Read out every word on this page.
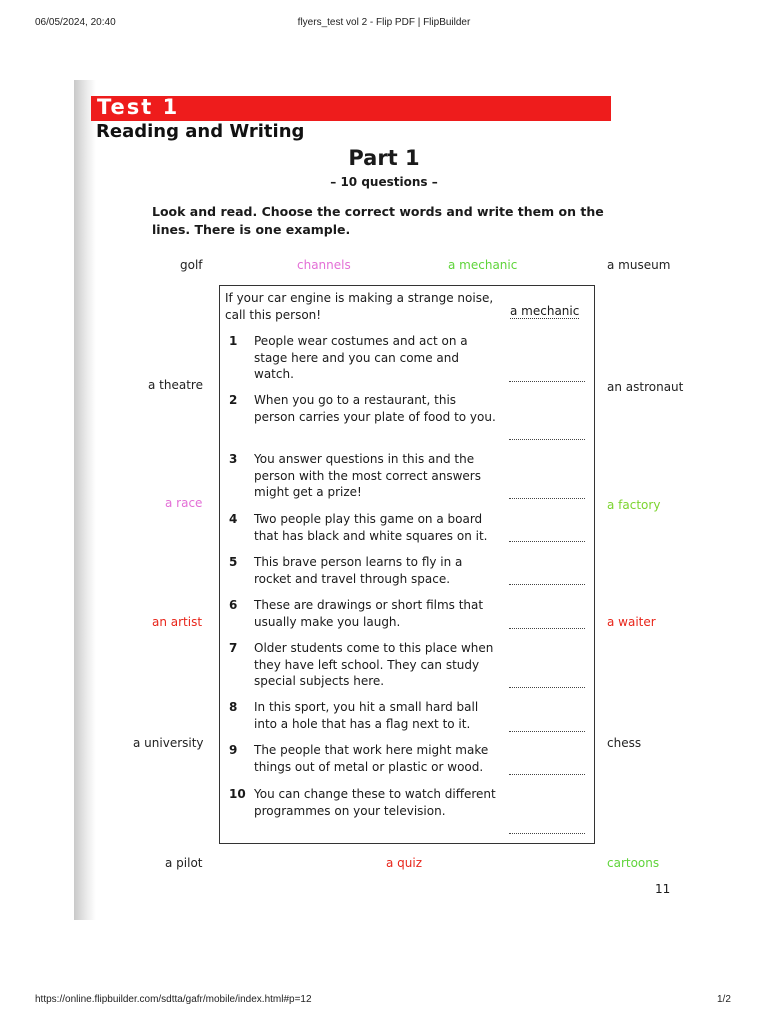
06/05/2024, 20:40	flyers_test vol 2 - Flip PDF | FlipBuilder
Test 1
Reading and Writing
Part 1
– 10 questions –
Look and read. Choose the correct words and write them on the lines. There is one example.
golf	channels	a mechanic	a museum
a theatre	an astronaut
a race	a factory
an artist	a waiter
a university	chess
a pilot	a quiz	cartoons
If your car engine is making a strange noise, call this person!	a mechanic
1 People wear costumes and act on a stage here and you can come and watch.
2 When you go to a restaurant, this person carries your plate of food to you.
3 You answer questions in this and the person with the most correct answers might get a prize!
4 Two people play this game on a board that has black and white squares on it.
5 This brave person learns to fly in a rocket and travel through space.
6 These are drawings or short films that usually make you laugh.
7 Older students come to this place when they have left school. They can study special subjects here.
8 In this sport, you hit a small hard ball into a hole that has a flag next to it.
9 The people that work here might make things out of metal or plastic or wood.
10 You can change these to watch different programmes on your television.
11
https://online.flipbuilder.com/sdtta/gafr/mobile/index.html#p=12	1/2
